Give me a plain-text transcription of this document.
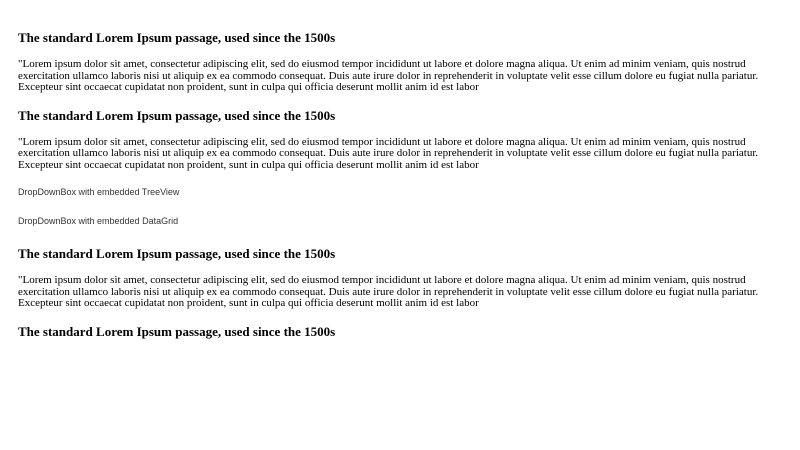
The standard Lorem Ipsum passage, used since the 1500s

"Lorem ipsum dolor sit amet, consectetur adipiscing elit, sed do eiusmod tempor incididunt ut labore et dolore magna aliqua. Ut enim ad minim veniam, quis nostrud exercitation ullamco laboris nisi ut aliquip ex ea commodo consequat. Duis aute irure dolor in reprehenderit in voluptate velit esse cillum dolore eu fugiat nulla pariatur. Excepteur sint occaecat cupidatat non proident, sunt in culpa qui officia deserunt mollit anim id est labor

The standard Lorem Ipsum passage, used since the 1500s

"Lorem ipsum dolor sit amet, consectetur adipiscing elit, sed do eiusmod tempor incididunt ut labore et dolore magna aliqua. Ut enim ad minim veniam, quis nostrud exercitation ullamco laboris nisi ut aliquip ex ea commodo consequat. Duis aute irure dolor in reprehenderit in voluptate velit esse cillum dolore eu fugiat nulla pariatur. Excepteur sint occaecat cupidatat non proident, sunt in culpa qui officia deserunt mollit anim id est labor

DropDownBox with embedded TreeView
DropDownBox with embedded DataGrid
The standard Lorem Ipsum passage, used since the 1500s

"Lorem ipsum dolor sit amet, consectetur adipiscing elit, sed do eiusmod tempor incididunt ut labore et dolore magna aliqua. Ut enim ad minim veniam, quis nostrud exercitation ullamco laboris nisi ut aliquip ex ea commodo consequat. Duis aute irure dolor in reprehenderit in voluptate velit esse cillum dolore eu fugiat nulla pariatur. Excepteur sint occaecat cupidatat non proident, sunt in culpa qui officia deserunt mollit anim id est labor

The standard Lorem Ipsum passage, used since the 1500s
